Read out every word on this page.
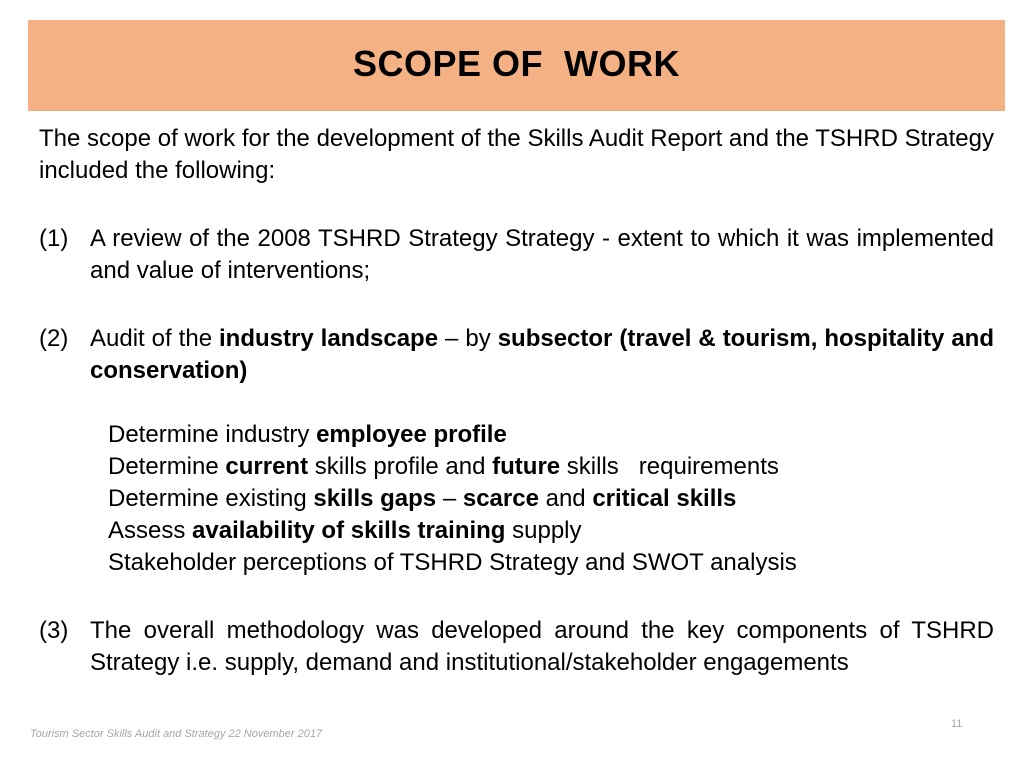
SCOPE OF  WORK

The scope of work for the development of the Skills Audit Report and the TSHRD Strategy included the following:

(1) A review of the 2008 TSHRD Strategy Strategy - extent to which it was implemented and value of interventions;
(2) Audit of the industry landscape – by subsector (travel & tourism, hospitality and conservation)
Determine industry employee profile
Determine current skills profile and future skills   requirements
Determine existing skills gaps – scarce and critical skills
Assess availability of skills training supply
Stakeholder perceptions of TSHRD Strategy and SWOT analysis
(3) The overall methodology was developed around the key components of TSHRD Strategy i.e. supply, demand and institutional/stakeholder engagements
Tourism Sector Skills Audit and Strategy 22 November 2017
11
